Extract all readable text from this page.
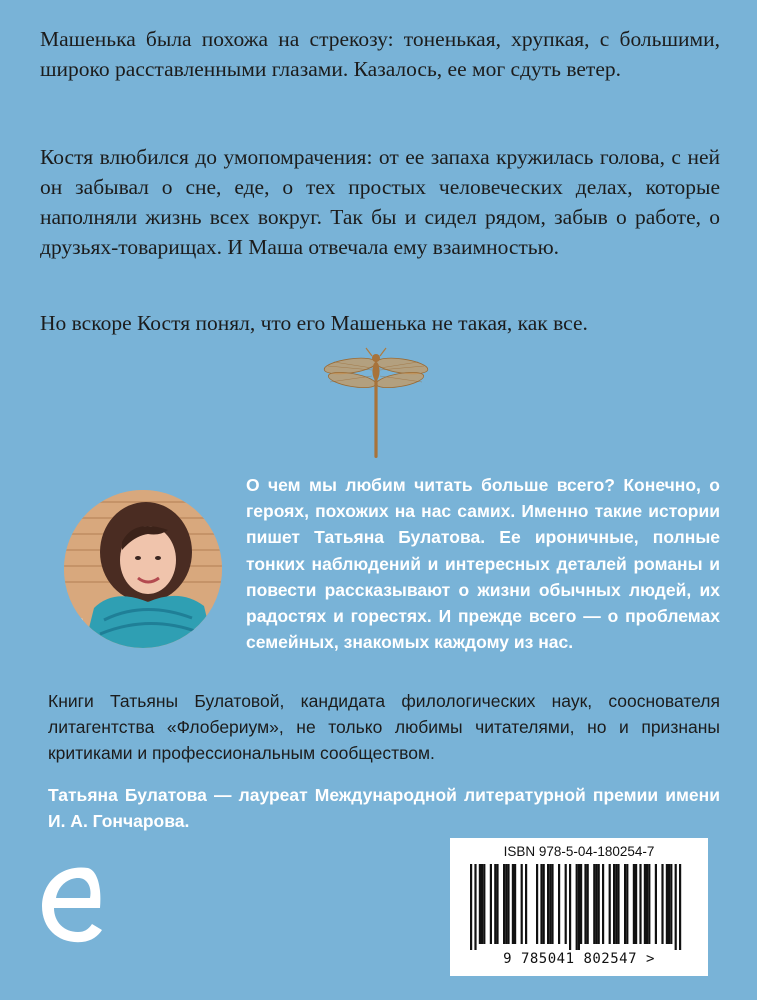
Машенька была похожа на стрекозу: тоненькая, хрупкая, с большими, широко расставленными глазами. Казалось, ее мог сдуть ветер.

Костя влюбился до умопомрачения: от ее запаха кружилась голова, с ней он забывал о сне, еде, о тех простых человеческих делах, которые наполняли жизнь всех вокруг. Так бы и сидел рядом, забыв о работе, о друзьях-товарищах. И Маша отвечала ему взаимностью.

Но вскоре Костя понял, что его Машенька не такая, как все.

О чем мы любим читать больше всего? Конечно, о героях, похожих на нас самих. Именно такие истории пишет Татьяна Булатова. Ее ироничные, полные тонких наблюдений и интересных деталей романы и повести рассказывают о жизни обычных людей, их радостях и горестях. И прежде всего — о проблемах семейных, знакомых каждому из нас.

Книги Татьяны Булатовой, кандидата филологических наук, сооснователя литагентства «Флобериум», не только любимы читателями, но и признаны критиками и профессиональным сообществом.

Татьяна Булатова — лауреат Международной литературной премии имени И. А. Гончарова.

ISBN 978-5-04-180254-7
9 785041 802547 >
